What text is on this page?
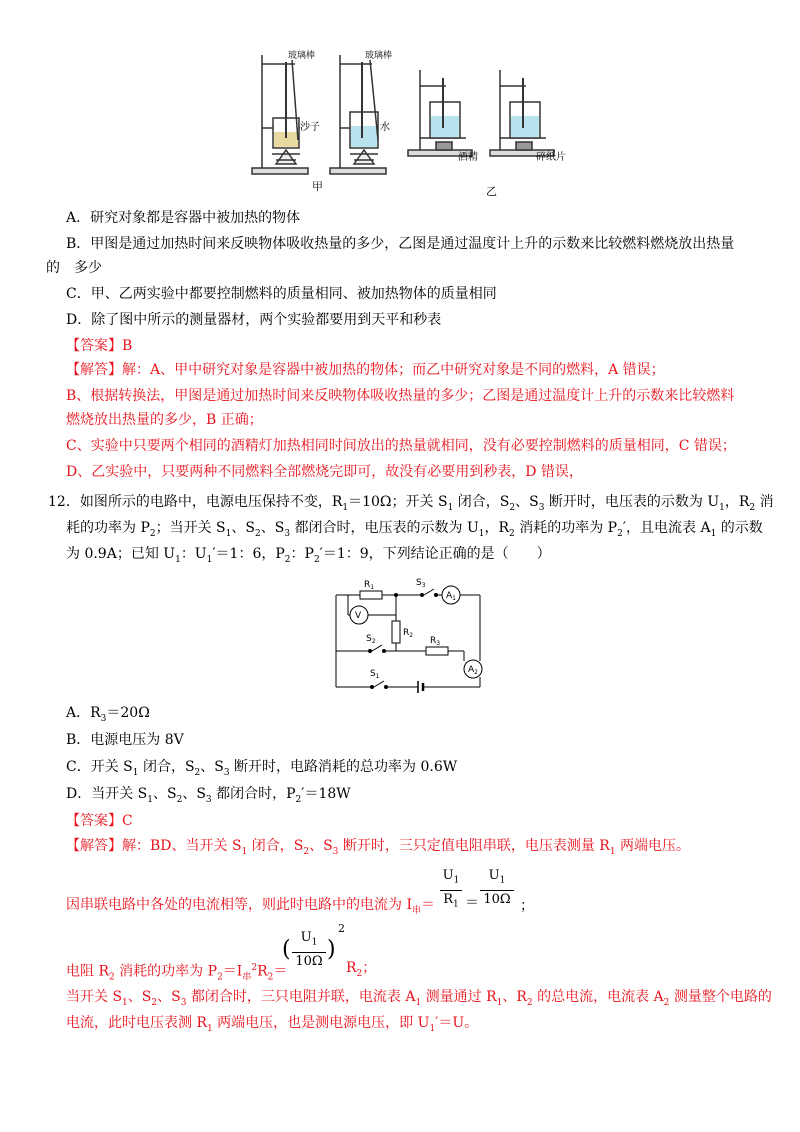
玻璃棒	玻璃棒
沙子	水
酒精	碎纸片
甲	乙
A．研究对象都是容器中被加热的物体
B．甲图是通过加热时间来反映物体吸收热量的多少，乙图是通过温度计上升的示数来比较燃料燃烧放出热量
的　多少
C．甲、乙两实验中都要控制燃料的质量相同、被加热物体的质量相同
D．除了图中所示的测量器材，两个实验都要用到天平和秒表
【答案】B
【解答】解：A、甲中研究对象是容器中被加热的物体；而乙中研究对象是不同的燃料，A 错误；
B、根据转换法，甲图是通过加热时间来反映物体吸收热量的多少；乙图是通过温度计上升的示数来比较燃料
燃烧放出热量的多少，B 正确；
C、实验中只要两个相同的酒精灯加热相同时间放出的热量就相同，没有必要控制燃料的质量相同，C 错误；
D、乙实验中，只要两种不同燃料全部燃烧完即可，故没有必要用到秒表，D 错误，
12．如图所示的电路中，电源电压保持不变，$R_1=10\Omega$；开关 $S_1$ 闭合，$S_2$、$S_3$ 断开时，电压表的示数为 $U_1$，$R_2$ 消
耗的功率为 $P_2$；当开关 $S_1$、$S_2$、$S_3$ 都闭合时，电压表的示数为 $U_1$，$R_2$ 消耗的功率为 $P_2'$，且电流表 $A_1$ 的示数
为 0.9A；已知 $U_1$：$U_1'=1$：6，$P_2$：$P_2'=1$：9，下列结论正确的是（　　）
$R_1$	$S_3$
$A_1$
V
$S_2$
$R_2$
$R_3$
$A_2$
$S_1$
A．$R_3=20\Omega$
B．电源电压为 8V
C．开关 $S_1$ 闭合，$S_2$、$S_3$ 断开时，电路消耗的总功率为 0.6W
D．当开关 $S_1$、$S_2$、$S_3$ 都闭合时，$P_2'=18W$
【答案】C
【解答】解：BD、当开关 $S_1$ 闭合，$S_2$、$S_3$ 断开时，三只定值电阻串联，电压表测量 $R_1$ 两端电压。
因串联电路中各处的电流相等，则此时电路中的电流为 $I_串=$
$U_1$
$R_1$ ＝
$U_1$
10Ω ；
电阻 $R_2$ 消耗的功率为 $P_2=I_串^2R_2=$
( $U_1$
10Ω )
2
$R_2$；
当开关 $S_1$、$S_2$、$S_3$ 都闭合时，三只电阻并联，电流表 $A_1$ 测量通过 $R_1$、$R_2$ 的总电流，电流表 $A_2$ 测量整个电路的
电流，此时电压表测 $R_1$ 两端电压，也是测电源电压，即 $U_1'=U$。
